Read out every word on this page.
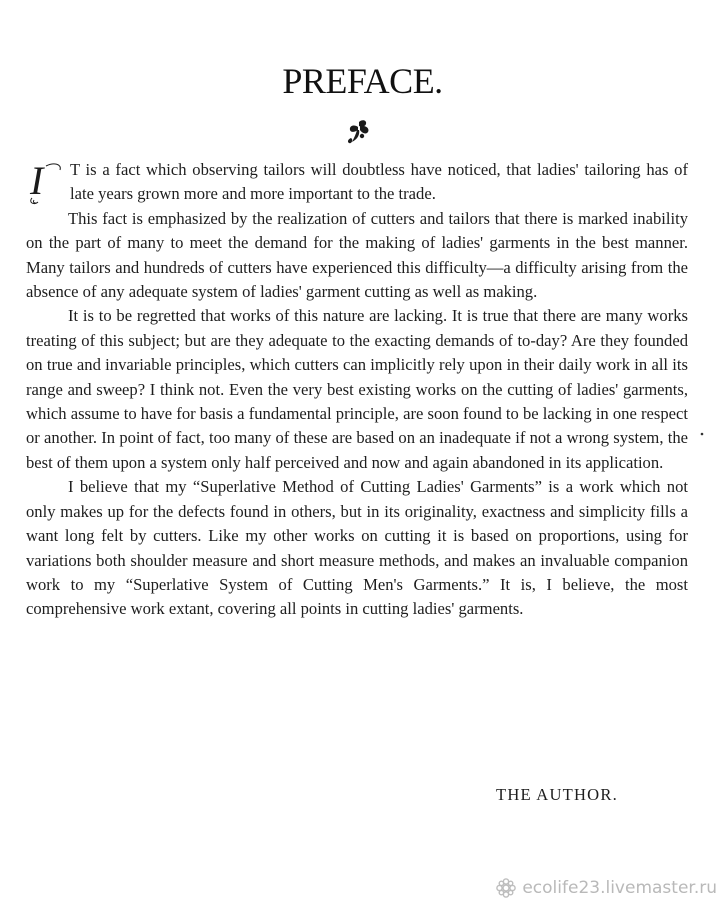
PREFACE.

I T is a fact which observing tailors will doubtless have noticed, that ladies' tailoring has of late years grown more and more important to the trade.

This fact is emphasized by the realization of cutters and tailors that there is marked inability on the part of many to meet the demand for the making of ladies' garments in the best manner. Many tailors and hundreds of cutters have experienced this difficulty—a difficulty arising from the absence of any adequate system of ladies' garment cutting as well as making.

It is to be regretted that works of this nature are lacking. It is true that there are many works treating of this subject; but are they adequate to the exacting demands of to-day? Are they founded on true and invariable principles, which cutters can implicitly rely upon in their daily work in all its range and sweep? I think not. Even the very best existing works on the cutting of ladies' garments, which assume to have for basis a fundamental principle, are soon found to be lacking in one respect or another. In point of fact, too many of these are based on an inadequate if not a wrong system, the best of them upon a system only half perceived and now and again abandoned in its application.

I believe that my “Superlative Method of Cutting Ladies' Garments” is a work which not only makes up for the defects found in others, but in its originality, exactness and simplicity fills a want long felt by cutters. Like my other works on cutting it is based on proportions, using for variations both shoulder measure and short measure methods, and makes an invaluable companion work to my “Superlative System of Cutting Men's Garments.” It is, I believe, the most comprehensive work extant, covering all points in cutting ladies' garments.

THE AUTHOR.
ecolife23.livemaster.ru
